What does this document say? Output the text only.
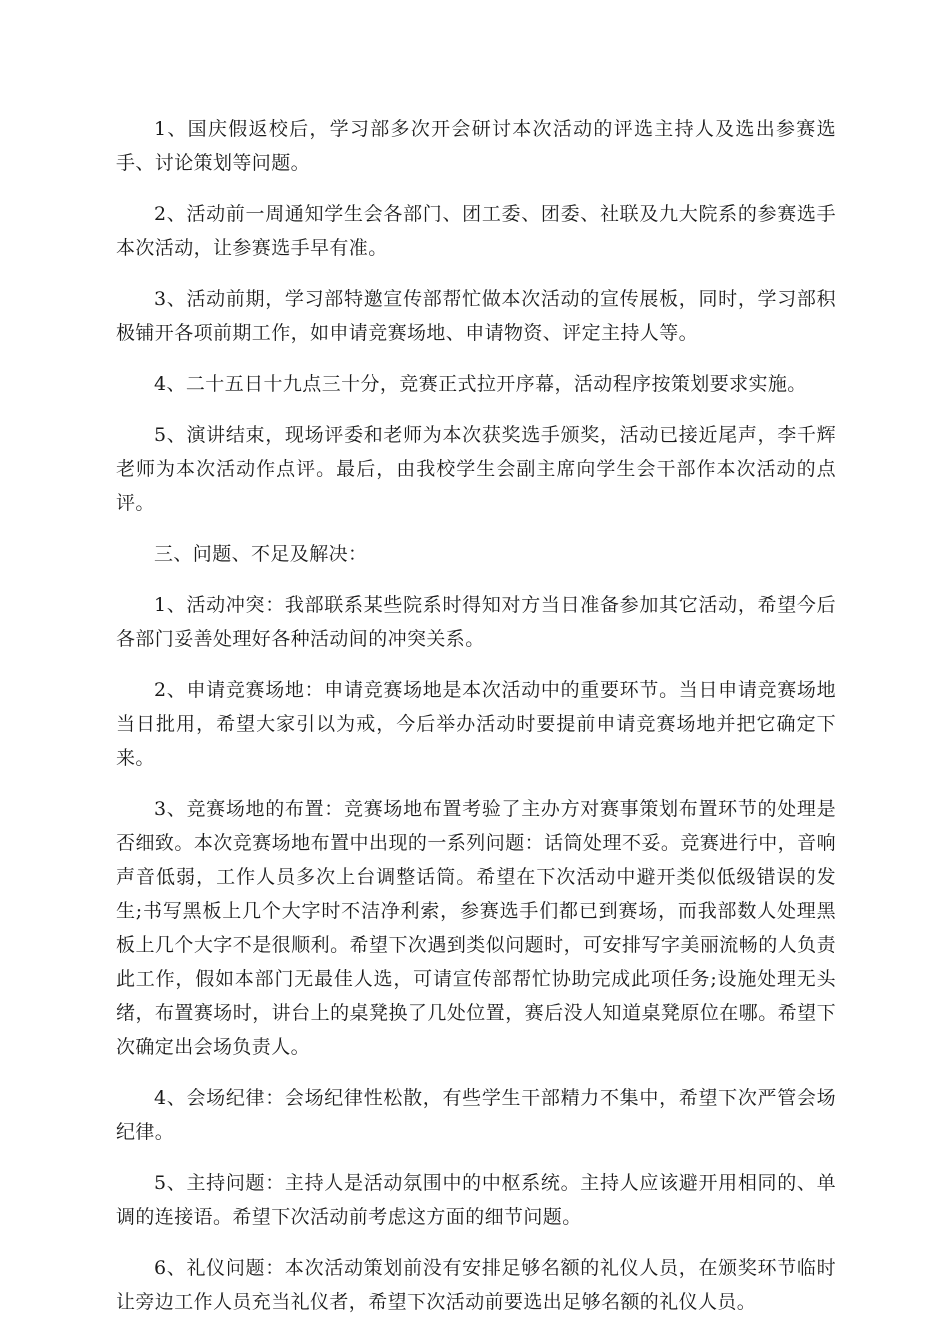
1、国庆假返校后，学习部多次开会研讨本次活动的评选主持人及选出参赛选手、讨论策划等问题。

2、活动前一周通知学生会各部门、团工委、团委、社联及九大院系的参赛选手本次活动，让参赛选手早有准。

3、活动前期，学习部特邀宣传部帮忙做本次活动的宣传展板，同时，学习部积极铺开各项前期工作，如申请竞赛场地、申请物资、评定主持人等。

4、二十五日十九点三十分，竞赛正式拉开序幕，活动程序按策划要求实施。

5、演讲结束，现场评委和老师为本次获奖选手颁奖，活动已接近尾声，李千辉老师为本次活动作点评。最后，由我校学生会副主席向学生会干部作本次活动的点评。

三、问题、不足及解决：

1、活动冲突：我部联系某些院系时得知对方当日准备参加其它活动，希望今后各部门妥善处理好各种活动间的冲突关系。

2、申请竞赛场地：申请竞赛场地是本次活动中的重要环节。当日申请竞赛场地当日批用，希望大家引以为戒，今后举办活动时要提前申请竞赛场地并把它确定下来。

3、竞赛场地的布置：竞赛场地布置考验了主办方对赛事策划布置环节的处理是否细致。本次竞赛场地布置中出现的一系列问题：话筒处理不妥。竞赛进行中，音响声音低弱，工作人员多次上台调整话筒。希望在下次活动中避开类似低级错误的发生;书写黑板上几个大字时不洁净利索，参赛选手们都已到赛场，而我部数人处理黑板上几个大字不是很顺利。希望下次遇到类似问题时，可安排写字美丽流畅的人负责此工作，假如本部门无最佳人选，可请宣传部帮忙协助完成此项任务;设施处理无头绪，布置赛场时，讲台上的桌凳换了几处位置，赛后没人知道桌凳原位在哪。希望下次确定出会场负责人。

4、会场纪律：会场纪律性松散，有些学生干部精力不集中，希望下次严管会场纪律。

5、主持问题：主持人是活动氛围中的中枢系统。主持人应该避开用相同的、单调的连接语。希望下次活动前考虑这方面的细节问题。

6、礼仪问题：本次活动策划前没有安排足够名额的礼仪人员，在颁奖环节临时让旁边工作人员充当礼仪者，希望下次活动前要选出足够名额的礼仪人员。
